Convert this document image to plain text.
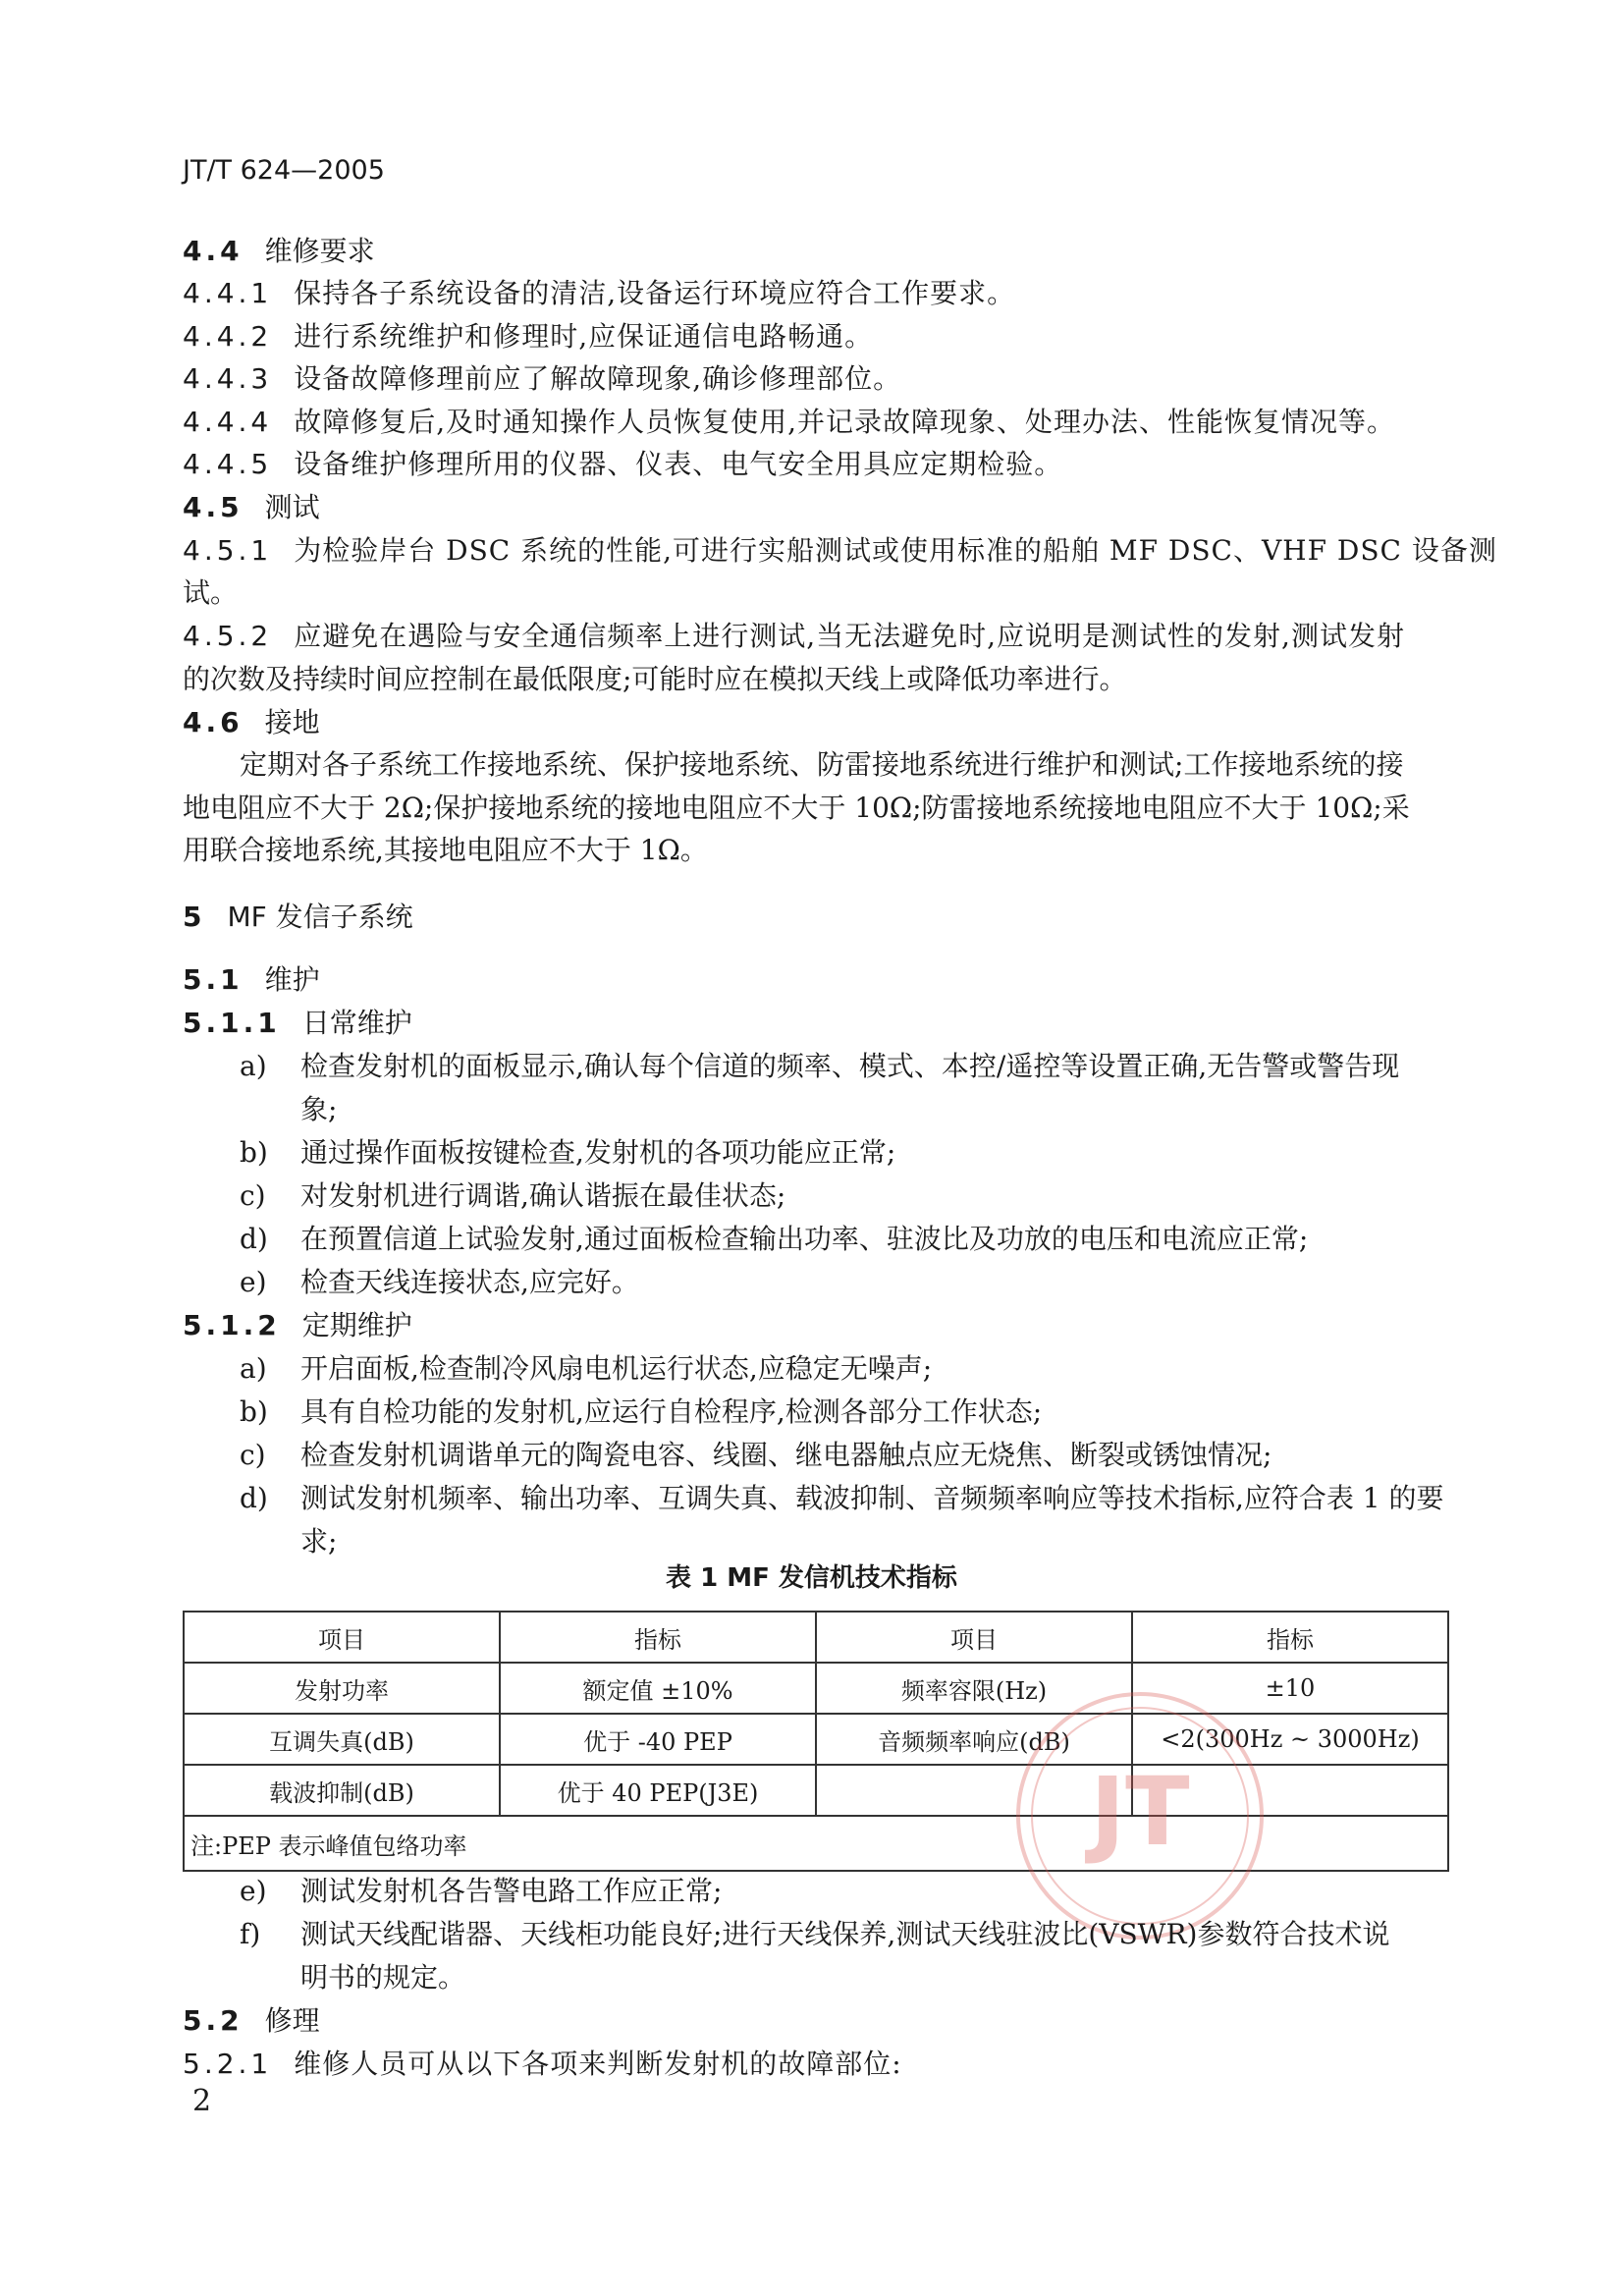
JT/T 624—2005
4.4 维修要求
4.4.1 保持各子系统设备的清洁,设备运行环境应符合工作要求。
4.4.2 进行系统维护和修理时,应保证通信电路畅通。
4.4.3 设备故障修理前应了解故障现象,确诊修理部位。
4.4.4 故障修复后,及时通知操作人员恢复使用,并记录故障现象、处理办法、性能恢复情况等。
4.4.5 设备维护修理所用的仪器、仪表、电气安全用具应定期检验。
4.5 测试
4.5.1 为检验岸台 DSC 系统的性能,可进行实船测试或使用标准的船舶 MF DSC、VHF DSC 设备测
试。
4.5.2 应避免在遇险与安全通信频率上进行测试,当无法避免时,应说明是测试性的发射,测试发射
的次数及持续时间应控制在最低限度;可能时应在模拟天线上或降低功率进行。
4.6 接地
定期对各子系统工作接地系统、保护接地系统、防雷接地系统进行维护和测试;工作接地系统的接
地电阻应不大于 2Ω;保护接地系统的接地电阻应不大于 10Ω;防雷接地系统接地电阻应不大于 10Ω;采
用联合接地系统,其接地电阻应不大于 1Ω。
5 MF 发信子系统
5.1 维护
5.1.1 日常维护
a) 检查发射机的面板显示,确认每个信道的频率、模式、本控/遥控等设置正确,无告警或警告现
象;
b) 通过操作面板按键检查,发射机的各项功能应正常;
c) 对发射机进行调谐,确认谐振在最佳状态;
d) 在预置信道上试验发射,通过面板检查输出功率、驻波比及功放的电压和电流应正常;
e) 检查天线连接状态,应完好。
5.1.2 定期维护
a) 开启面板,检查制冷风扇电机运行状态,应稳定无噪声;
b) 具有自检功能的发射机,应运行自检程序,检测各部分工作状态;
c) 检查发射机调谐单元的陶瓷电容、线圈、继电器触点应无烧焦、断裂或锈蚀情况;
d) 测试发射机频率、输出功率、互调失真、载波抑制、音频频率响应等技术指标,应符合表 1 的要
求;
表 1 MF 发信机技术指标
项目	指标	项目	指标
发射功率	额定值 ±10%	频率容限(Hz)	±10
互调失真(dB)	优于 -40 PEP	音频频率响应(dB)	<2(300Hz ~ 3000Hz)
载波抑制(dB)	优于 40 PEP(J3E)		
注:PEP 表示峰值包络功率				JT
e) 测试发射机各告警电路工作应正常;
f) 测试天线配谐器、天线柜功能良好;进行天线保养,测试天线驻波比(VSWR)参数符合技术说
明书的规定。
5.2 修理
5.2.1 维修人员可从以下各项来判断发射机的故障部位:
2
